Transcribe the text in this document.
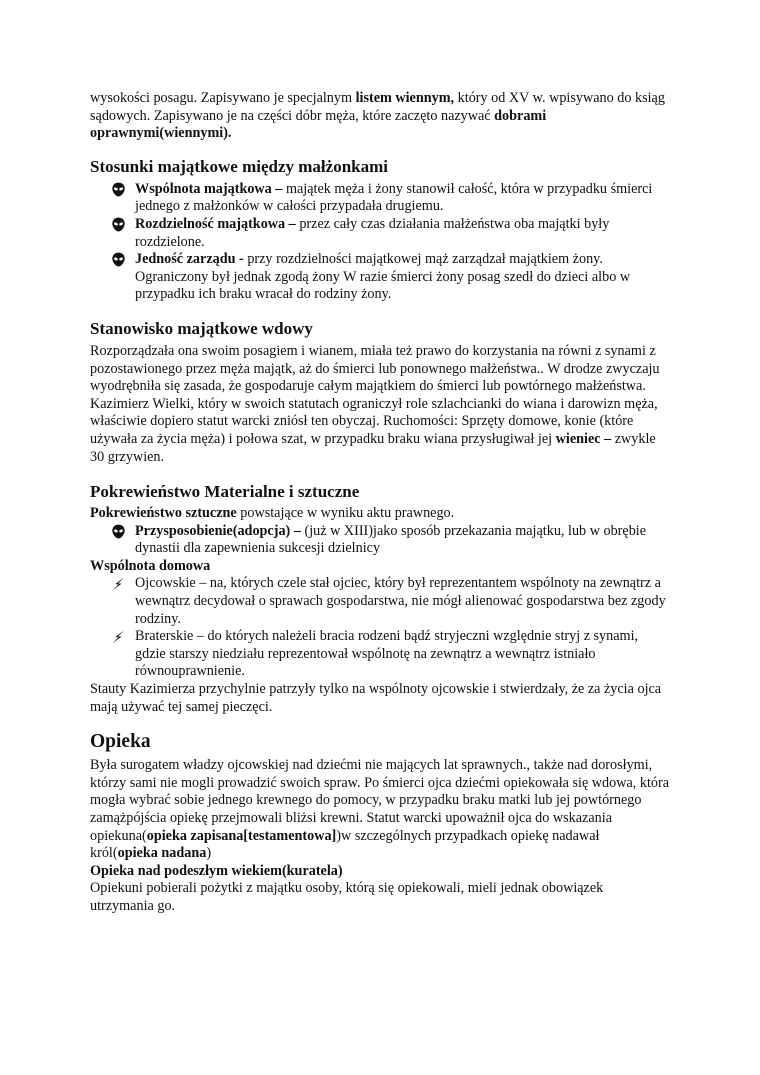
wysokości posagu. Zapisywano je specjalnym listem wiennym, który od XV w. wpisywano do ksiąg sądowych. Zapisywano je na części dóbr męża, które zaczęto nazywać dobrami oprawnymi(wiennymi).

Stosunki majątkowe między małżonkami
Wspólnota majątkowa – majątek męża i żony stanowił całość, która w przypadku śmierci jednego z małżonków w całości przypadała drugiemu.
Rozdzielność majątkowa – przez cały czas działania małżeństwa oba majątki były rozdzielone.
Jedność zarządu - przy rozdzielności majątkowej mąż zarządzał majątkiem żony. Ograniczony był jednak zgodą żony W razie śmierci żony posag szedł do dzieci albo w przypadku ich braku wracał do rodziny żony.
Stanowisko majątkowe wdowy

Rozporządzała ona swoim posagiem i wianem, miała też prawo do korzystania na równi z synami z pozostawionego przez męża majątk, aż do śmierci lub ponownego małżeństwa.. W drodze zwyczaju wyodrębniła się zasada, że gospodaruje całym majątkiem do śmierci lub powtórnego małżeństwa. Kazimierz Wielki, który w swoich statutach ograniczył role szlachcianki do wiana i darowizn męża, właściwie dopiero statut warcki zniósł ten obyczaj. Ruchomości: Sprzęty domowe, konie (które używała za życia męża) i połowa szat, w przypadku braku wiana przysługiwał jej wieniec – zwykle 30 grzywien.

Pokrewieństwo Materialne i sztuczne

Pokrewieństwo sztuczne powstające w wyniku aktu prawnego.

Przysposobienie(adopcja) – (już w XIII)jako sposób przekazania majątku, lub w obrębie dynastii dla zapewnienia sukcesji dzielnicy

Wspólnota domowa

Ojcowskie – na, których czele stał ojciec, który był reprezentantem wspólnoty na zewnątrz a wewnątrz decydował o sprawach gospodarstwa, nie mógł alienować gospodarstwa bez zgody rodziny.
Braterskie – do których należeli bracia rodzeni bądź stryjeczni względnie stryj z synami, gdzie starszy niedziału reprezentował wspólnotę na zewnątrz a wewnątrz istniało równouprawnienie.

Stauty Kazimierza przychylnie patrzyły tylko na wspólnoty ojcowskie i stwierdzały, że za życia ojca mają używać tej samej pieczęci.

Opieka

Była surogatem władzy ojcowskiej nad dziećmi nie mających lat sprawnych., także nad dorosłymi, którzy sami nie mogli prowadzić swoich spraw. Po śmierci ojca dziećmi opiekowała się wdowa, która mogła wybrać sobie jednego krewnego do pomocy, w przypadku braku matki lub jej powtórnego zamążpójścia opiekę przejmowali bliżsi krewni. Statut warcki upoważnił ojca do wskazania opiekuna(opieka zapisana[testamentowa])w szczególnych przypadkach opiekę nadawał król(opieka nadana)

Opieka nad podeszłym wiekiem(kuratela)

Opiekuni pobierali pożytki z majątku osoby, którą się opiekowali, mieli jednak obowiązek utrzymania go.
